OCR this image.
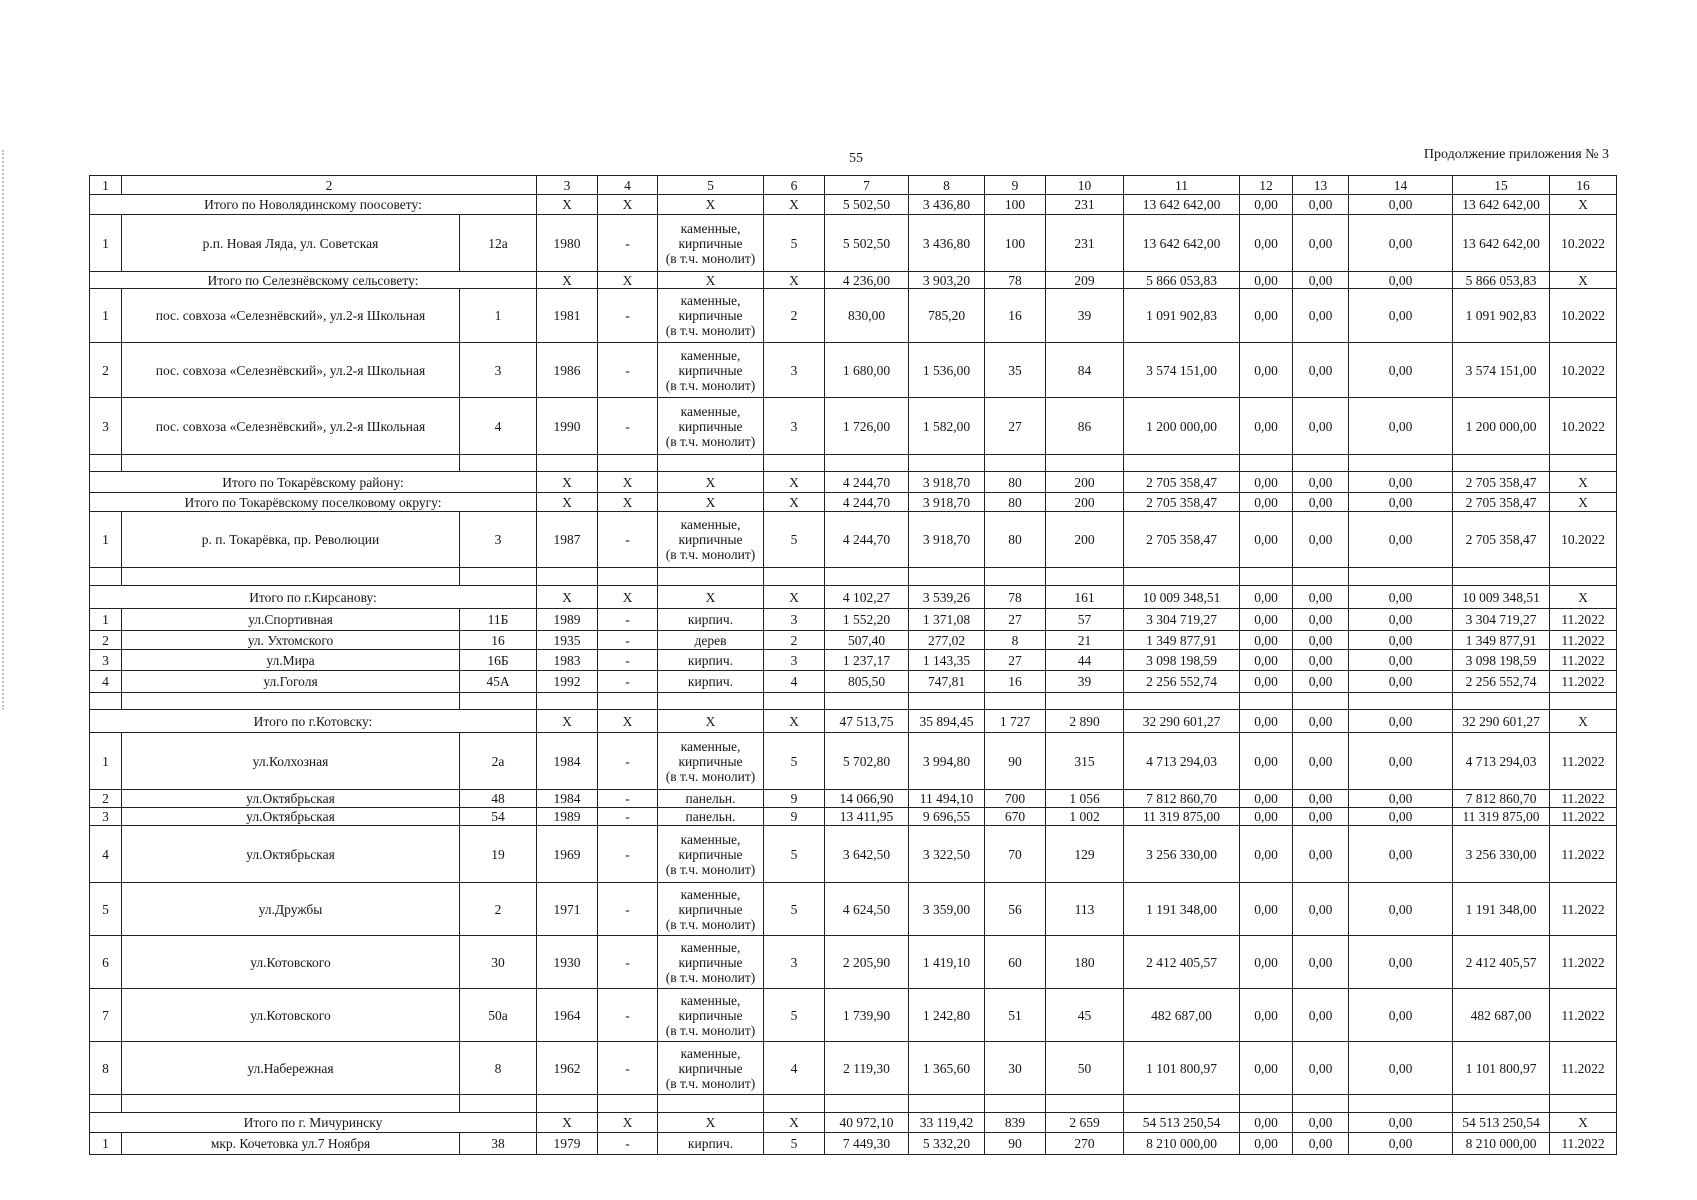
55	Продолжение приложения № 3
1	2		3	4	5	6	7	8	9	10	11	12	13	14	15	16
Итого по Новолядинскому поосовету:			X	X	X	X	5 502,50	3 436,80	100	231	13 642 642,00	0,00	0,00	0,00	13 642 642,00	X
1	р.п. Новая Ляда, ул. Советская	12а	1980	-	каменные,
кирпичные
(в т.ч. монолит)	5	5 502,50	3 436,80	100	231	13 642 642,00	0,00	0,00	0,00	13 642 642,00	10.2022
Итого по Селезнёвскому сельсовету:			X	X	X	X	4 236,00	3 903,20	78	209	5 866 053,83	0,00	0,00	0,00	5 866 053,83	X
1	пос. совхоза «Селезнёвский», ул.2-я Школьная	1	1981	-	каменные,
кирпичные
(в т.ч. монолит)	2	830,00	785,20	16	39	1 091 902,83	0,00	0,00	0,00	1 091 902,83	10.2022
2	пос. совхоза «Селезнёвский», ул.2-я Школьная	3	1986	-	каменные,
кирпичные
(в т.ч. монолит)	3	1 680,00	1 536,00	35	84	3 574 151,00	0,00	0,00	0,00	3 574 151,00	10.2022
3	пос. совхоза «Селезнёвский», ул.2-я Школьная	4	1990	-	каменные,
кирпичные
(в т.ч. монолит)	3	1 726,00	1 582,00	27	86	1 200 000,00	0,00	0,00	0,00	1 200 000,00	10.2022

Итого по Токарёвскому району:			X	X	X	X	4 244,70	3 918,70	80	200	2 705 358,47	0,00	0,00	0,00	2 705 358,47	X
Итого по Токарёвскому поселковому округу:			X	X	X	X	4 244,70	3 918,70	80	200	2 705 358,47	0,00	0,00	0,00	2 705 358,47	X
1	р. п. Токарёвка, пр. Революции	3	1987	-	каменные,
кирпичные
(в т.ч. монолит)	5	4 244,70	3 918,70	80	200	2 705 358,47	0,00	0,00	0,00	2 705 358,47	10.2022

Итого по г.Кирсанову:			X	X	X	X	4 102,27	3 539,26	78	161	10 009 348,51	0,00	0,00	0,00	10 009 348,51	X
1	ул.Спортивная	11Б	1989	-	кирпич.	3	1 552,20	1 371,08	27	57	3 304 719,27	0,00	0,00	0,00	3 304 719,27	11.2022
2	ул. Ухтомского	16	1935	-	дерев	2	507,40	277,02	8	21	1 349 877,91	0,00	0,00	0,00	1 349 877,91	11.2022
3	ул.Мира	16Б	1983	-	кирпич.	3	1 237,17	1 143,35	27	44	3 098 198,59	0,00	0,00	0,00	3 098 198,59	11.2022
4	ул.Гоголя	45А	1992	-	кирпич.	4	805,50	747,81	16	39	2 256 552,74	0,00	0,00	0,00	2 256 552,74	11.2022

Итого по г.Котовску:			X	X	X	X	47 513,75	35 894,45	1 727	2 890	32 290 601,27	0,00	0,00	0,00	32 290 601,27	X
1	ул.Колхозная	2а	1984	-	каменные,
кирпичные
(в т.ч. монолит)	5	5 702,80	3 994,80	90	315	4 713 294,03	0,00	0,00	0,00	4 713 294,03	11.2022
2	ул.Октябрьская	48	1984	-	панельн.	9	14 066,90	11 494,10	700	1 056	7 812 860,70	0,00	0,00	0,00	7 812 860,70	11.2022
3	ул.Октябрьская	54	1989	-	панельн.	9	13 411,95	9 696,55	670	1 002	11 319 875,00	0,00	0,00	0,00	11 319 875,00	11.2022
4	ул.Октябрьская	19	1969	-	каменные,
кирпичные
(в т.ч. монолит)	5	3 642,50	3 322,50	70	129	3 256 330,00	0,00	0,00	0,00	3 256 330,00	11.2022
5	ул.Дружбы	2	1971	-	каменные,
кирпичные
(в т.ч. монолит)	5	4 624,50	3 359,00	56	113	1 191 348,00	0,00	0,00	0,00	1 191 348,00	11.2022
6	ул.Котовского	30	1930	-	каменные,
кирпичные
(в т.ч. монолит)	3	2 205,90	1 419,10	60	180	2 412 405,57	0,00	0,00	0,00	2 412 405,57	11.2022
7	ул.Котовского	50а	1964	-	каменные,
кирпичные
(в т.ч. монолит)	5	1 739,90	1 242,80	51	45	482 687,00	0,00	0,00	0,00	482 687,00	11.2022
8	ул.Набережная	8	1962	-	каменные,
кирпичные
(в т.ч. монолит)	4	2 119,30	1 365,60	30	50	1 101 800,97	0,00	0,00	0,00	1 101 800,97	11.2022

Итого по г. Мичуринску			X	X	X	X	40 972,10	33 119,42	839	2 659	54 513 250,54	0,00	0,00	0,00	54 513 250,54	X
1	мкр. Кочетовка ул.7 Ноября	38	1979	-	кирпич.	5	7 449,30	5 332,20	90	270	8 210 000,00	0,00	0,00	0,00	8 210 000,00	11.2022
